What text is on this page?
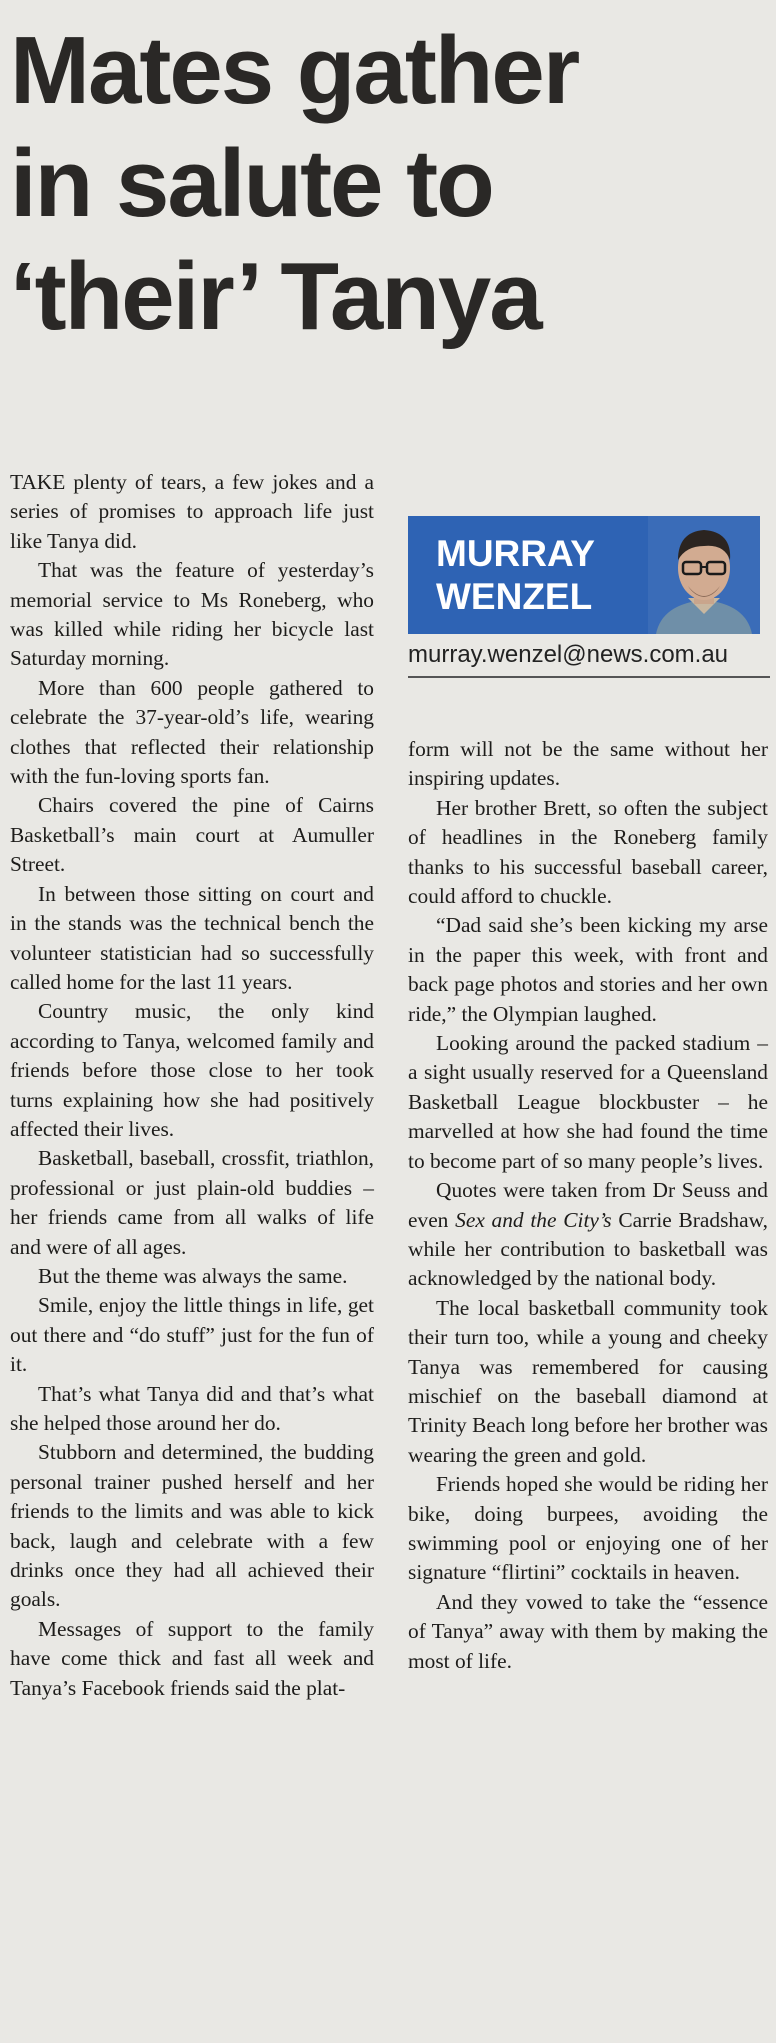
Mates gather
in salute to
‘their’ Tanya

TAKE plenty of tears, a few jokes and a series of promises to approach life just like Tanya did.

That was the feature of yesterday’s memorial service to Ms Roneberg, who was killed while riding her bicycle last Saturday morning.

More than 600 people gathered to celebrate the 37-year-old’s life, wearing clothes that reflected their relationship with the fun-loving sports fan.

Chairs covered the pine of Cairns Basketball’s main court at Aumuller Street.

In between those sitting on court and in the stands was the technical bench the volunteer statistician had so successfully called home for the last 11 years.

Country music, the only kind according to Tanya, welcomed family and friends before those close to her took turns explaining how she had positively affected their lives.

Basketball, baseball, crossfit, triathlon, professional or just plain-old buddies – her friends came from all walks of life and were of all ages.

But the theme was always the same.

Smile, enjoy the little things in life, get out there and “do stuff” just for the fun of it.

That’s what Tanya did and that’s what she helped those around her do.

Stubborn and determined, the budding personal trainer pushed herself and her friends to the limits and was able to kick back, laugh and celebrate with a few drinks once they had all achieved their goals.

Messages of support to the family have come thick and fast all week and Tanya’s Facebook friends said the plat-

MURRAY
WENZEL
murray.wenzel@news.com.au

form will not be the same without her inspiring updates.

Her brother Brett, so often the subject of headlines in the Roneberg family thanks to his successful baseball career, could afford to chuckle.

“Dad said she’s been kicking my arse in the paper this week, with front and back page photos and stories and her own ride,” the Olympian laughed.

Looking around the packed stadium – a sight usually reserved for a Queensland Basketball League blockbuster – he marvelled at how she had found the time to become part of so many people’s lives.

Quotes were taken from Dr Seuss and even Sex and the City’s Carrie Bradshaw, while her contribution to basketball was acknowledged by the national body.

The local basketball community took their turn too, while a young and cheeky Tanya was remembered for causing mischief on the baseball diamond at Trinity Beach long before her brother was wearing the green and gold.

Friends hoped she would be riding her bike, doing burpees, avoiding the swimming pool or enjoying one of her signature “flirtini” cocktails in heaven.

And they vowed to take the “essence of Tanya” away with them by making the most of life.
